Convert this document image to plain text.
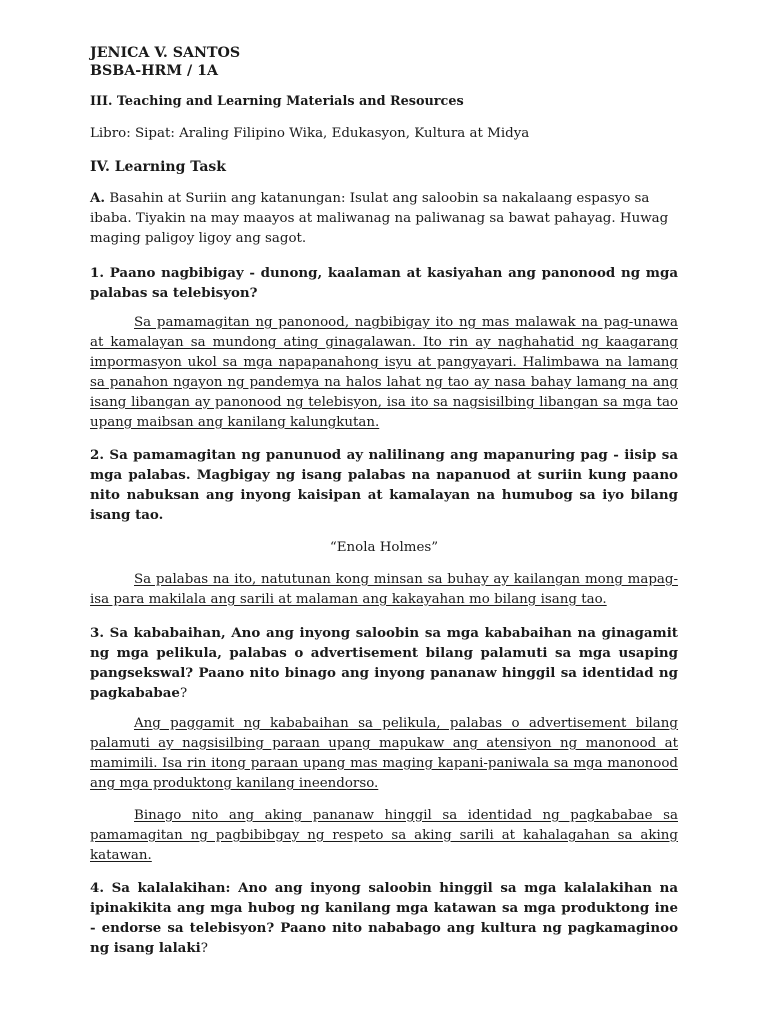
JENICA V. SANTOS
BSBA-HRM / 1A
III. Teaching and Learning Materials and Resources
Libro: Sipat: Araling Filipino Wika, Edukasyon, Kultura at Midya
IV. Learning Task
A. Basahin at Suriin ang katanungan: Isulat ang saloobin sa nakalaang espasyo sa ibaba. Tiyakin na may maayos at maliwanag na paliwanag sa bawat pahayag. Huwag maging paligoy ligoy ang sagot.
1. Paano nagbibigay - dunong, kaalaman at kasiyahan ang panonood ng mga palabas sa telebisyon?
Sa pamamagitan ng panonood, nagbibigay ito ng mas malawak na pag-unawa at kamalayan sa mundong ating ginagalawan. Ito rin ay naghahatid ng kaagarang impormasyon ukol sa mga napapanahong isyu at pangyayari. Halimbawa na lamang sa panahon ngayon ng pandemya na halos lahat ng tao ay nasa bahay lamang na ang isang libangan ay panonood ng telebisyon, isa ito sa nagsisilbing libangan sa mga tao upang maibsan ang kanilang kalungkutan.
2. Sa pamamagitan ng panunuod ay nalilinang ang mapanuring pag - iisip sa mga palabas. Magbigay ng isang palabas na napanuod at suriin kung paano nito nabuksan ang inyong kaisipan at kamalayan na humubog sa iyo bilang isang tao.
“Enola Holmes”
Sa palabas na ito, natutunan kong minsan sa buhay ay kailangan mong mapag-isa para makilala ang sarili at malaman ang kakayahan mo bilang isang tao.
3. Sa kababaihan, Ano ang inyong saloobin sa mga kababaihan na ginagamit ng mga pelikula, palabas o advertisement bilang palamuti sa mga usaping pangsekswal? Paano nito binago ang inyong pananaw hinggil sa identidad ng pagkababae?
Ang paggamit ng kababaihan sa pelikula, palabas o advertisement bilang palamuti ay nagsisilbing paraan upang mapukaw ang atensiyon ng manonood at mamimili. Isa rin itong paraan upang mas maging kapani-paniwala sa mga manonood ang mga produktong kanilang ineendorso.
Binago nito ang aking pananaw hinggil sa identidad ng pagkababae sa pamamagitan ng pagbibibgay ng respeto sa aking sarili at kahalagahan sa aking katawan.
4. Sa kalalakihan: Ano ang inyong saloobin hinggil sa mga kalalakihan na ipinakikita ang mga hubog ng kanilang mga katawan sa mga produktong ine - endorse sa telebisyon? Paano nito nababago ang kultura ng pagkamaginoo ng isang lalaki?
